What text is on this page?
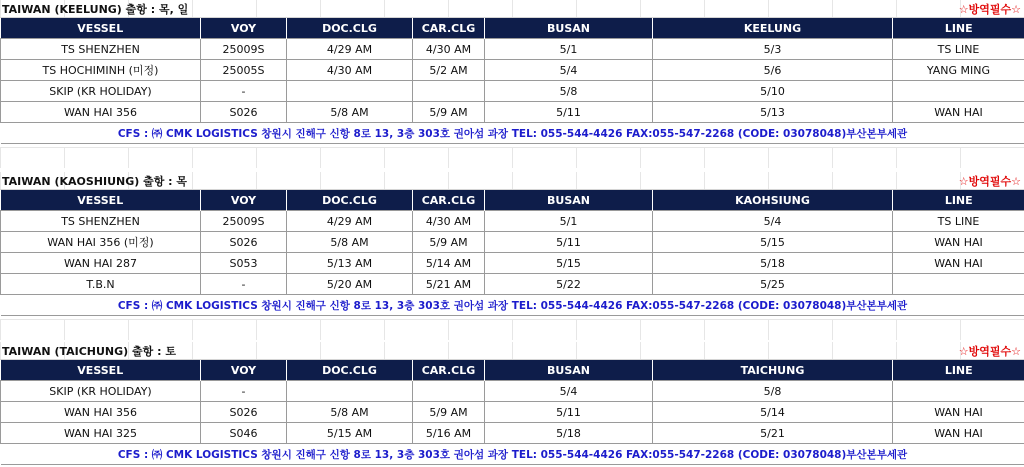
TAIWAN (KEELUNG) 출항 : 목, 일	☆방역필수☆
VESSEL	VOY	DOC.CLG	CAR.CLG	BUSAN	KEELUNG	LINE
TS SHENZHEN	25009S	4/29 AM	4/30 AM	5/1	5/3	TS LINE
TS HOCHIMINH (미정)	25005S	4/30 AM	5/2 AM	5/4	5/6	YANG MING
SKIP (KR HOLIDAY)	-			5/8	5/10	
WAN HAI 356	S026	5/8 AM	5/9 AM	5/11	5/13	WAN HAI
CFS : ㈜ CMK LOGISTICS 창원시 진해구 신항 8로 13, 3층 303호 권아섬 과장 TEL: 055-544-4426 FAX:055-547-2268 (CODE: 03078048)부산본부세관						
TAIWAN (KAOSHIUNG) 출항 : 목	☆방역필수☆
VESSEL	VOY	DOC.CLG	CAR.CLG	BUSAN	KAOHSIUNG	LINE
TS SHENZHEN	25009S	4/29 AM	4/30 AM	5/1	5/4	TS LINE
WAN HAI 356 (미정)	S026	5/8 AM	5/9 AM	5/11	5/15	WAN HAI
WAN HAI 287	S053	5/13 AM	5/14 AM	5/15	5/18	WAN HAI
T.B.N	-	5/20 AM	5/21 AM	5/22	5/25	
CFS : ㈜ CMK LOGISTICS 창원시 진해구 신항 8로 13, 3층 303호 권아섬 과장 TEL: 055-544-4426 FAX:055-547-2268 (CODE: 03078048)부산본부세관						
TAIWAN (TAICHUNG) 출항 : 토	☆방역필수☆
VESSEL	VOY	DOC.CLG	CAR.CLG	BUSAN	TAICHUNG	LINE
SKIP (KR HOLIDAY)	-			5/4	5/8	
WAN HAI 356	S026	5/8 AM	5/9 AM	5/11	5/14	WAN HAI
WAN HAI 325	S046	5/15 AM	5/16 AM	5/18	5/21	WAN HAI
CFS : ㈜ CMK LOGISTICS 창원시 진해구 신항 8로 13, 3층 303호 권아섬 과장 TEL: 055-544-4426 FAX:055-547-2268 (CODE: 03078048)부산본부세관						
